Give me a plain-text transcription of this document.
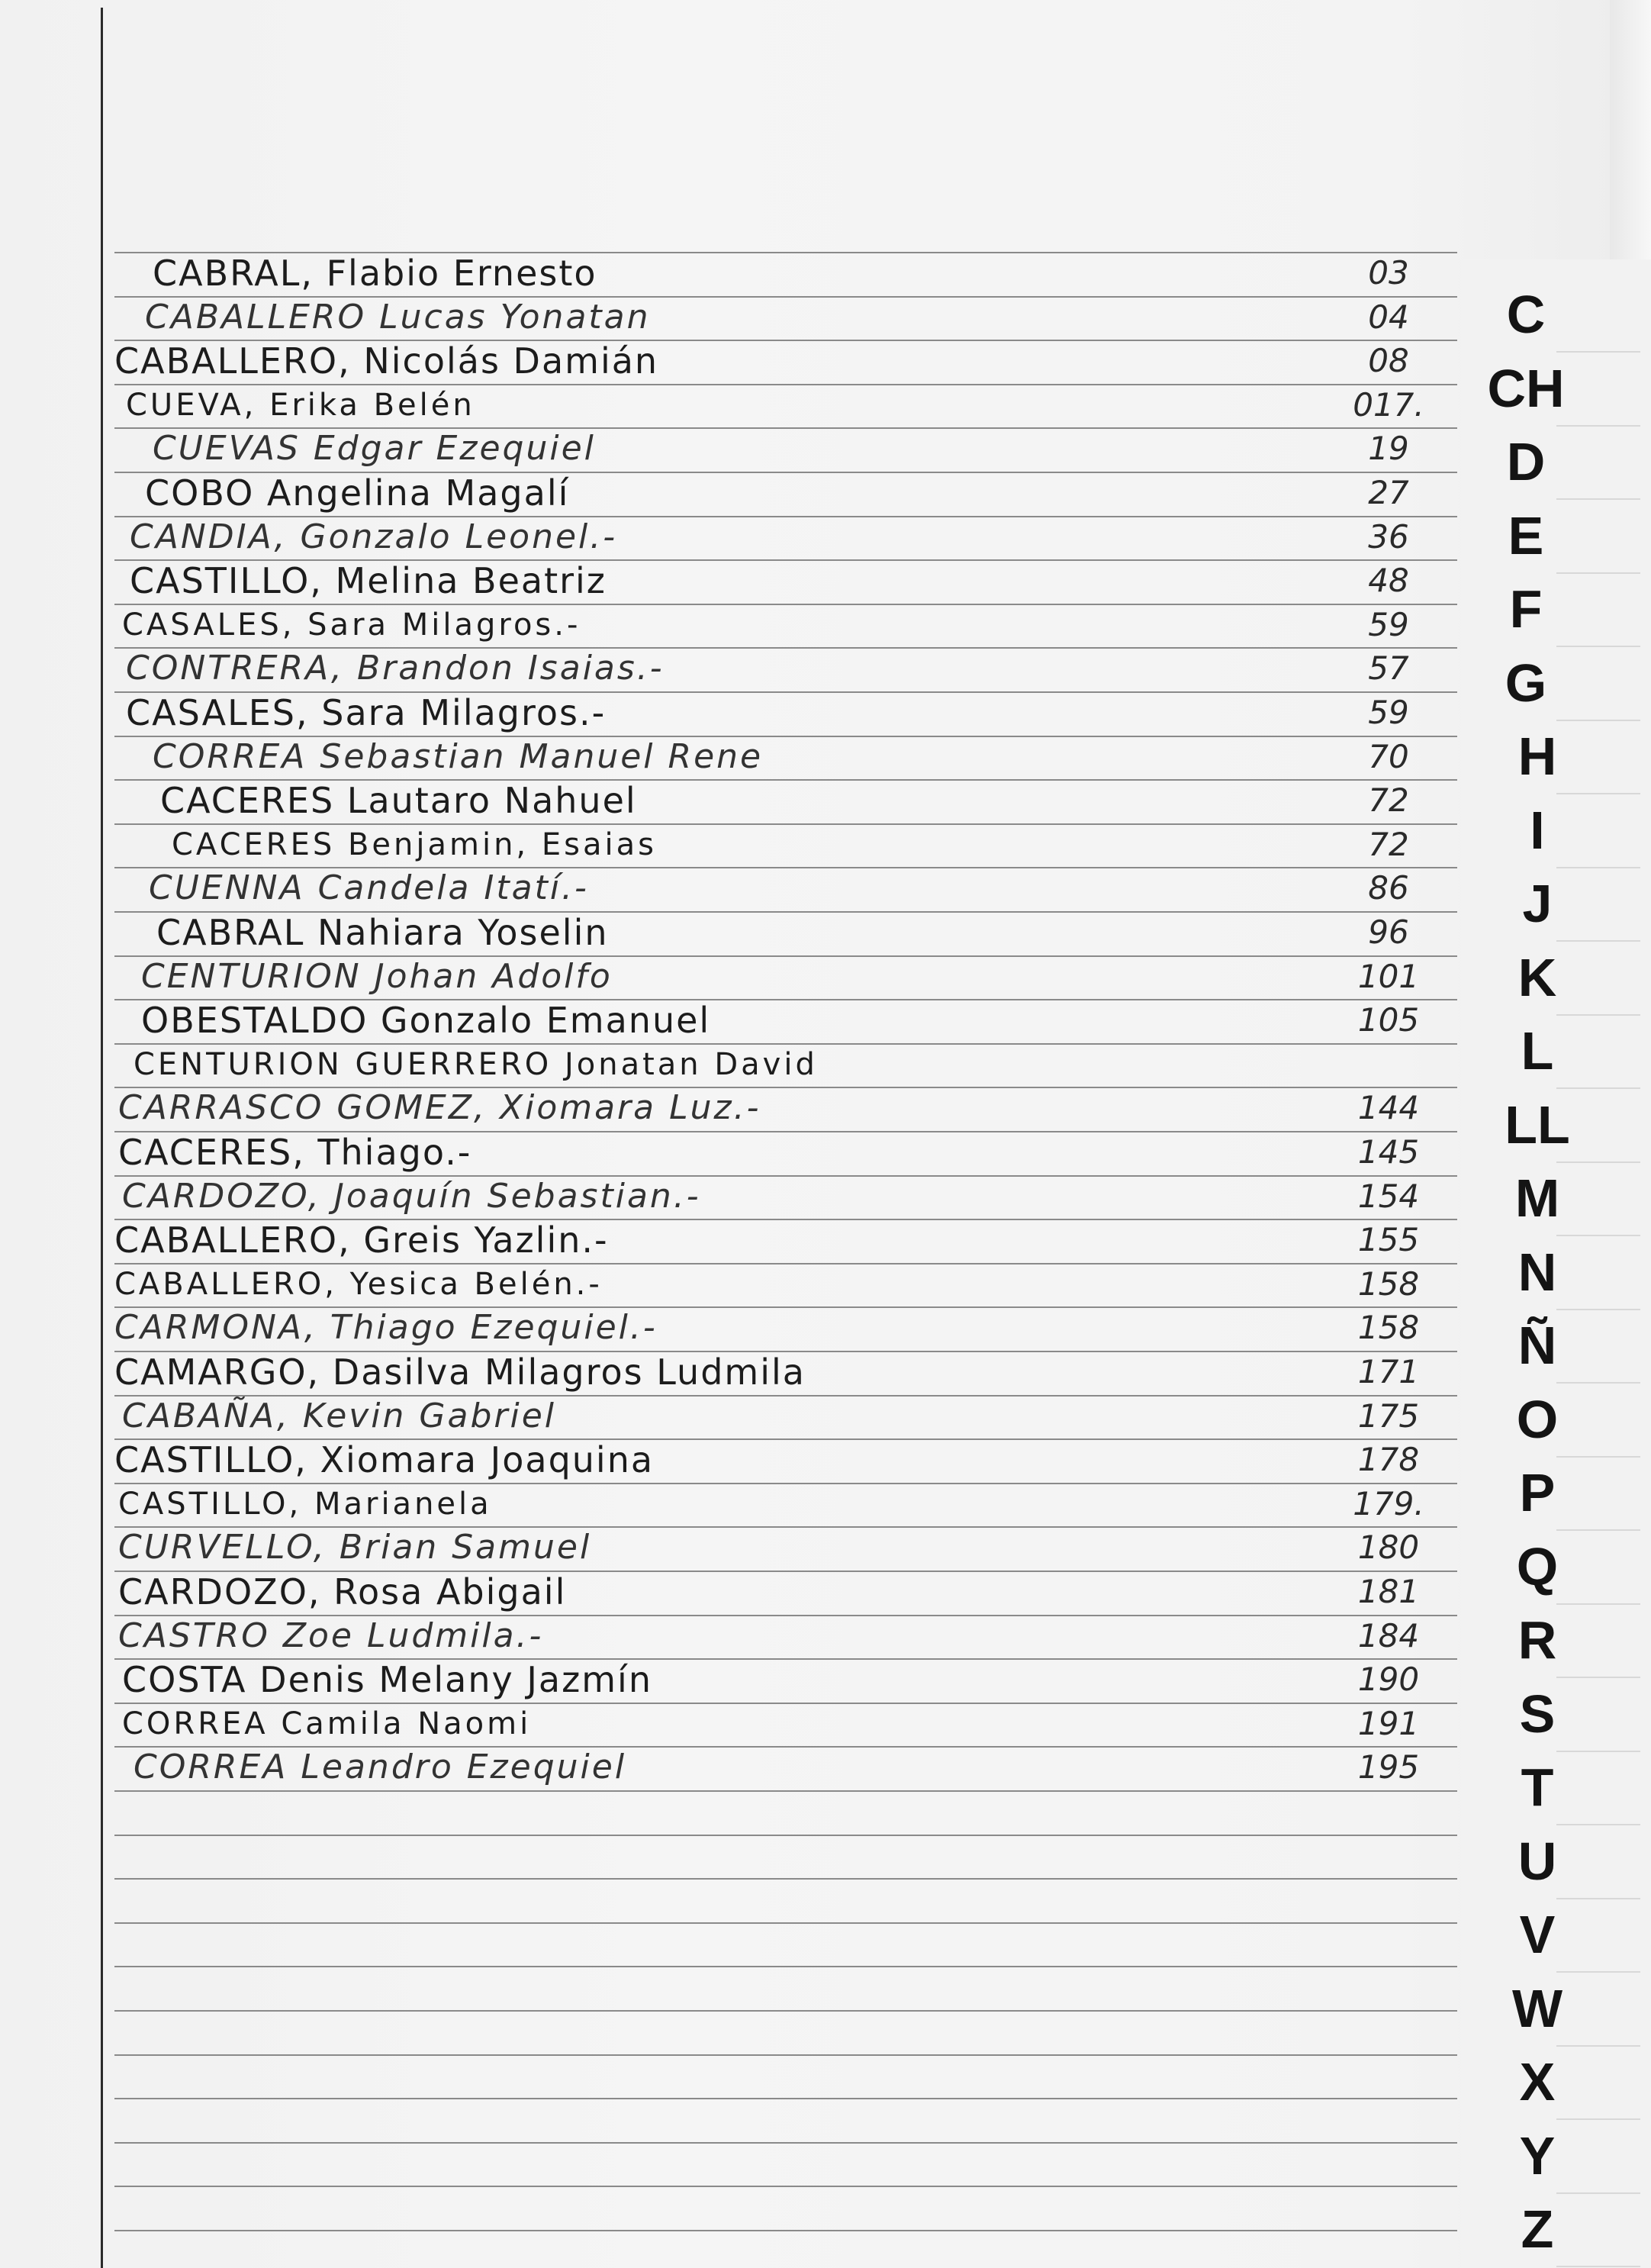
CABRAL, Flabio Ernesto	03
CABALLERO Lucas Yonatan	04
CABALLERO, Nicolás Damián	08
CUEVA, Erika Belén	017.
CUEVAS Edgar Ezequiel	19
COBO Angelina Magalí	27
CANDIA, Gonzalo Leonel.-	36
CASTILLO, Melina Beatriz	48
CASALES, Sara Milagros.-	59
CONTRERA, Brandon Isaias.-	57
CASALES, Sara Milagros.-	59
CORREA Sebastian Manuel Rene	70
CACERES Lautaro Nahuel	72
CACERES Benjamin, Esaias	72
CUENNA Candela Itatí.-	86
CABRAL Nahiara Yoselin	96
CENTURION Johan Adolfo	101
OBESTALDO Gonzalo Emanuel	105
CENTURION GUERRERO Jonatan David
CARRASCO GOMEZ, Xiomara Luz.-	144
CACERES, Thiago.-	145
CARDOZO, Joaquín Sebastian.-	154
CABALLERO, Greis Yazlin.-	155
CABALLERO, Yesica Belén.-	158
CARMONA, Thiago Ezequiel.-	158
CAMARGO, Dasilva Milagros Ludmila	171
CABAÑA, Kevin Gabriel	175
CASTILLO, Xiomara Joaquina	178
CASTILLO, Marianela	179.
CURVELLO, Brian Samuel	180
CARDOZO, Rosa Abigail	181
CASTRO Zoe Ludmila.-	184
COSTA Denis Melany Jazmín	190
CORREA Camila Naomi	191
CORREA Leandro Ezequiel	195
C
CH
D
E
F
G
H
I
J
K
L
LL
M
N
Ñ
O
P
Q
R
S
T
U
V
W
X
Y
Z
